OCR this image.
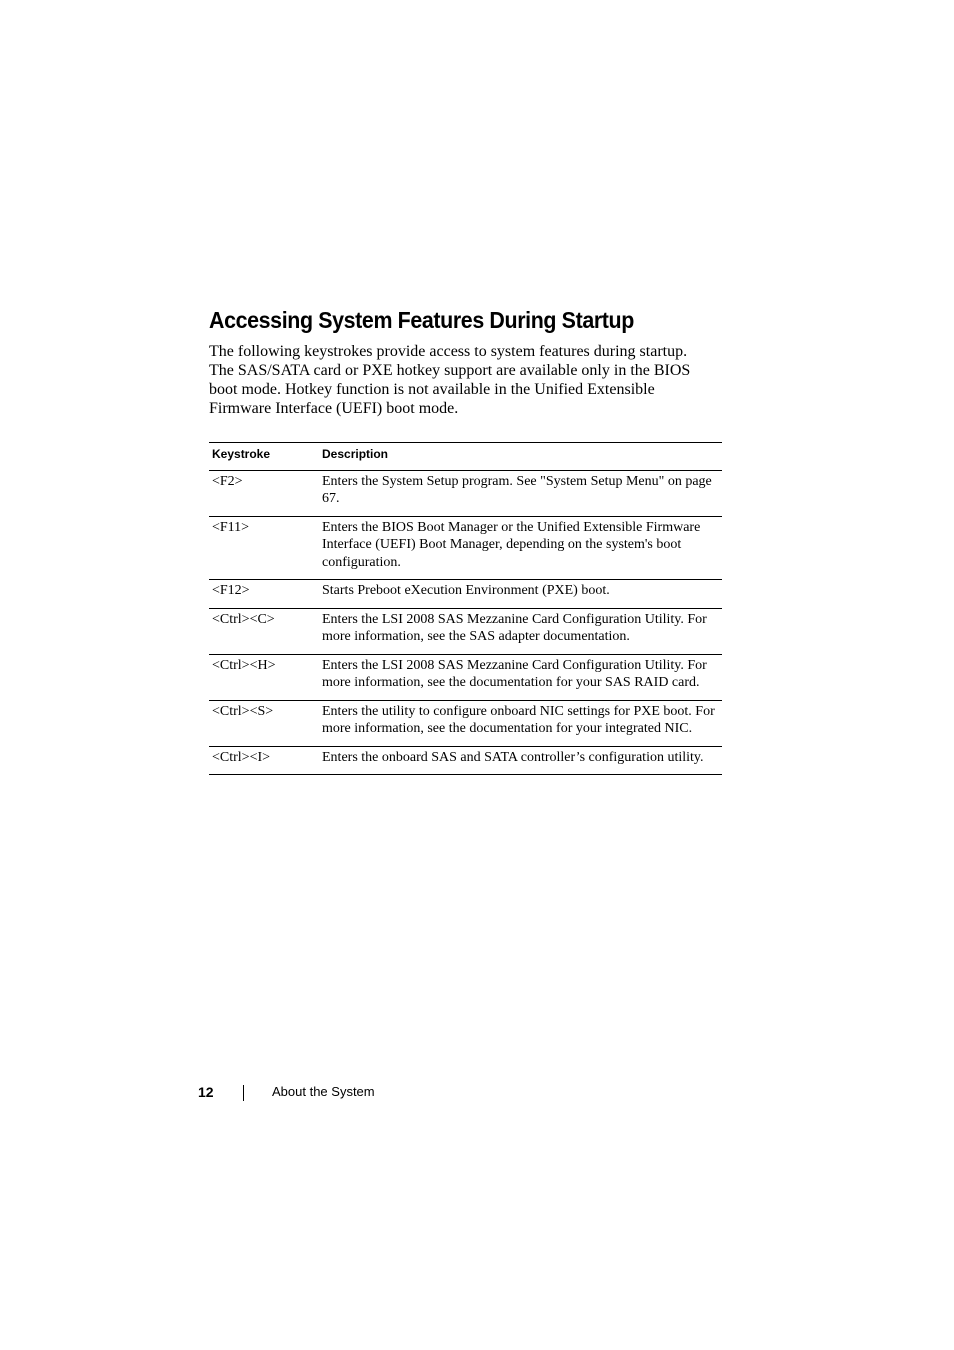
Accessing System Features During Startup

The following keystrokes provide access to system features during startup.
The SAS/SATA card or PXE hotkey support are available only in the BIOS
boot mode. Hotkey function is not available in the Unified Extensible
Firmware Interface (UEFI) boot mode.

Keystroke	Description
<F2>	Enters the System Setup program. See "System Setup Menu" on page 67.
<F11>	Enters the BIOS Boot Manager or the Unified Extensible Firmware Interface (UEFI) Boot Manager, depending on the system's boot configuration.
<F12>	Starts Preboot eXecution Environment (PXE) boot.
<Ctrl><C>	Enters the LSI 2008 SAS Mezzanine Card Configuration Utility. For more information, see the SAS adapter documentation.
<Ctrl><H>	Enters the LSI 2008 SAS Mezzanine Card Configuration Utility. For more information, see the documentation for your SAS RAID card.
<Ctrl><S>	Enters the utility to configure onboard NIC settings for PXE boot. For more information, see the documentation for your integrated NIC.
<Ctrl><I>	Enters the onboard SAS and SATA controller’s configuration utility.
12	About the System
